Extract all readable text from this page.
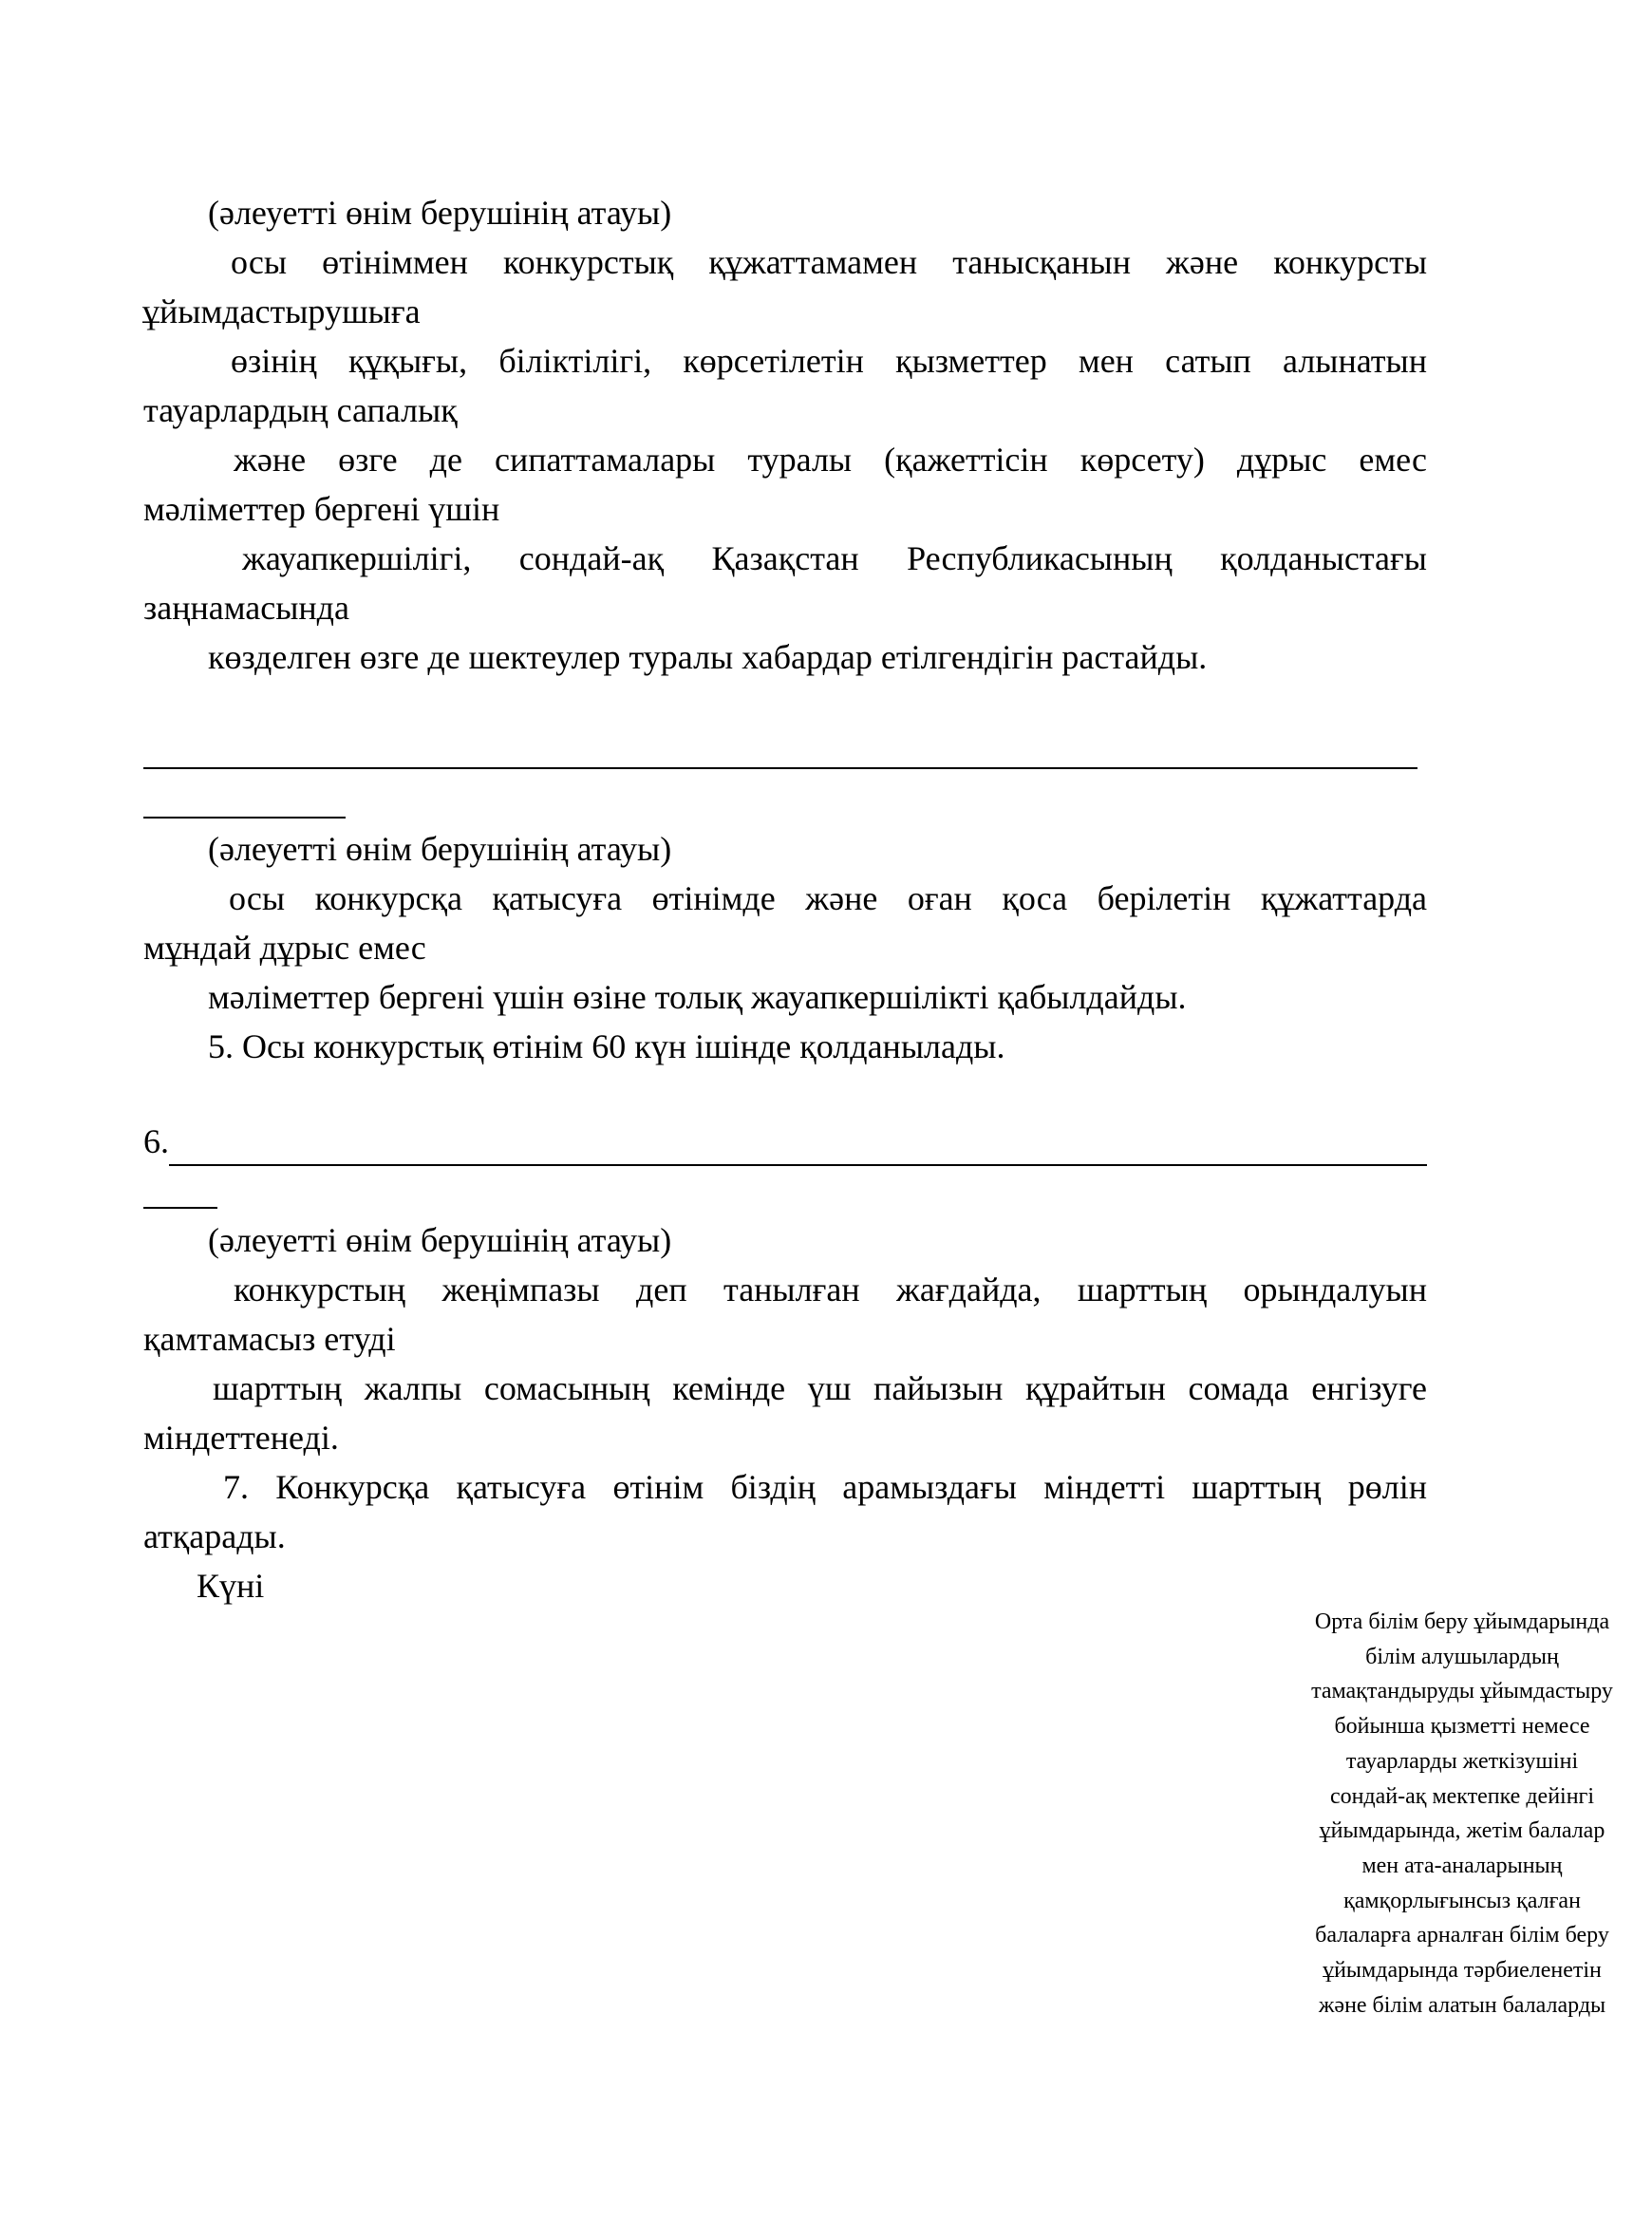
(әлеуетті өнім берушінің атауы)
осы өтініммен конкурстық құжаттамамен танысқанын және конкурсты
ұйымдастырушыға
өзінің құқығы, біліктілігі, көрсетілетін қызметтер мен сатып алынатын
тауарлардың сапалық
және өзге де сипаттамалары туралы (қажеттісін көрсету) дұрыс емес
мәліметтер бергені үшін
жауапкершілігі, сондай-ақ Қазақстан Республикасының қолданыстағы
заңнамасында
көзделген өзге де шектеулер туралы хабардар етілгендігін растайды.
(әлеуетті өнім берушінің атауы)
осы конкурсқа қатысуға өтінімде және оған қоса берілетін құжаттарда
мұндай дұрыс емес
мәліметтер бергені үшін өзіне толық жауапкершілікті қабылдайды.
5. Осы конкурстық өтінім 60 күн ішінде қолданылады.
6.
(әлеуетті өнім берушінің атауы)
конкурстың жеңімпазы деп танылған жағдайда, шарттың орындалуын
қамтамасыз етуді
шарттың жалпы сомасының кемінде үш пайызын құрайтын сомада енгізуге
міндеттенеді.
7. Конкурсқа қатысуға өтінім біздің арамыздағы міндетті шарттың рөлін
атқарады.
Күні
Орта білім беру ұйымдарында
білім алушылардың
тамақтандыруды ұйымдастыру
бойынша қызметті немесе
тауарларды жеткізушіні
сондай-ақ мектепке дейінгі
ұйымдарында, жетім балалар
мен ата-аналарының
қамқорлығынсыз қалған
балаларға арналған білім беру
ұйымдарында тәрбиеленетін
және білім алатын балаларды
